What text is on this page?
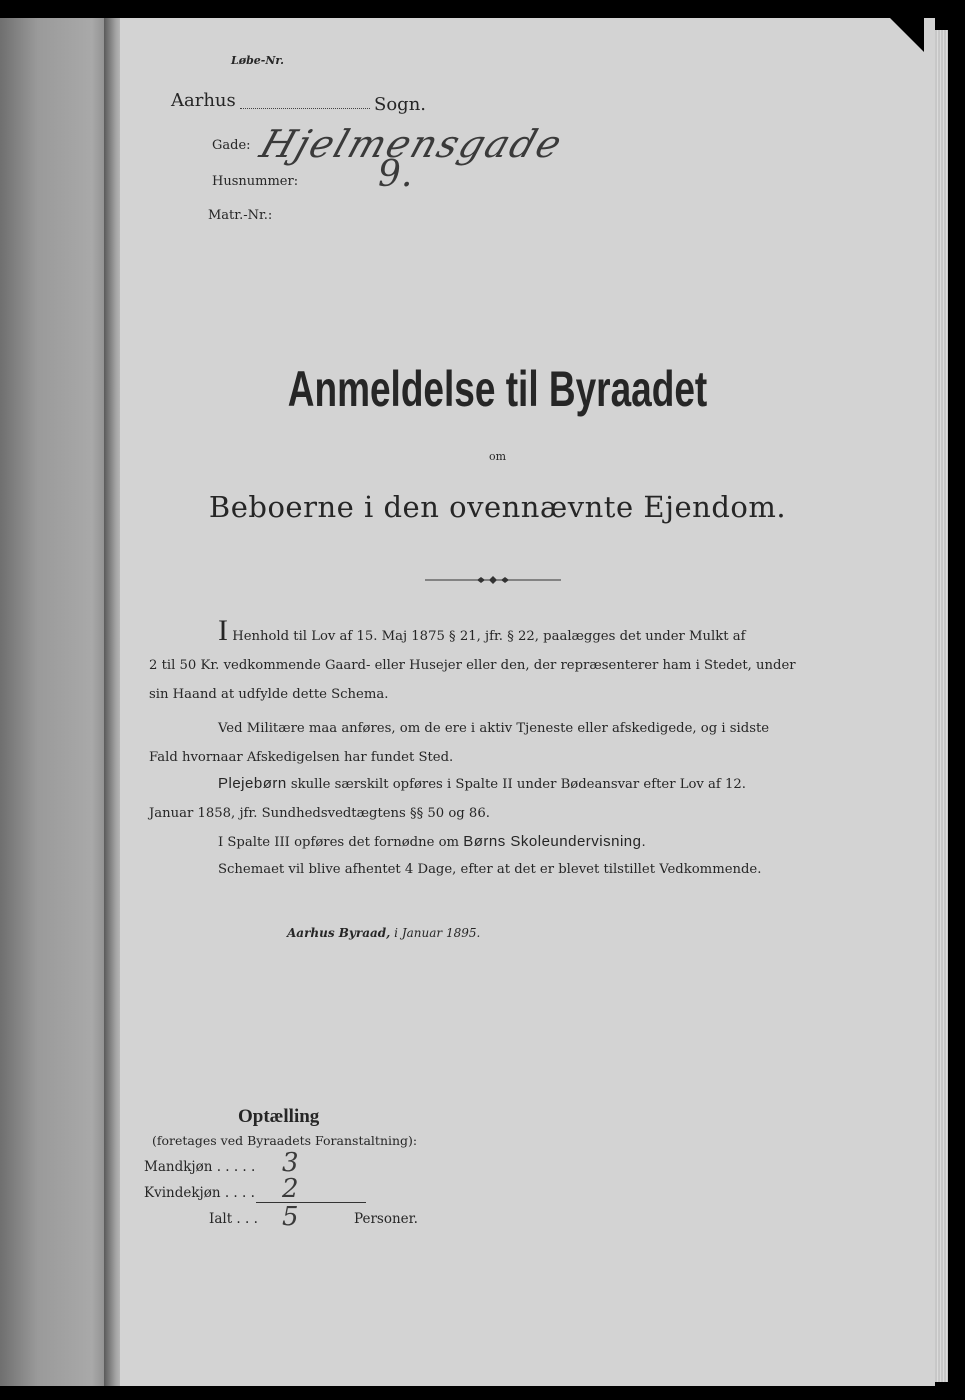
Løbe-Nr.
Aarhus	Sogn.
Gade: Hjelmensgade
Husnummer: 9.
Matr.-Nr.:
Anmeldelse til Byraadet
om
Beboerne i den ovennævnte Ejendom.
I Henhold til Lov af 15. Maj 1875 § 21, jfr. § 22, paalægges det under Mulkt af
2 til 50 Kr. vedkommende Gaard- eller Husejer eller den, der repræsenterer ham i Stedet, under
sin Haand at udfylde dette Schema.
Ved Militære maa anføres, om de ere i aktiv Tjeneste eller afskedigede, og i sidste
Fald hvornaar Afskedigelsen har fundet Sted.
Plejebørn skulle særskilt opføres i Spalte II under Bødeansvar efter Lov af 12.
Januar 1858, jfr. Sundhedsvedtægtens §§ 50 og 86.
I Spalte III opføres det fornødne om Børns Skoleundervisning.
Schemaet vil blive afhentet 4 Dage, efter at det er blevet tilstillet Vedkommende.
Aarhus Byraad, i Januar 1895.
Optælling
(foretages ved Byraadets Foranstaltning):
Mandkjøn . . . . . 3
Kvindekjøn . . . . 2
Ialt . . . 5	Personer.
